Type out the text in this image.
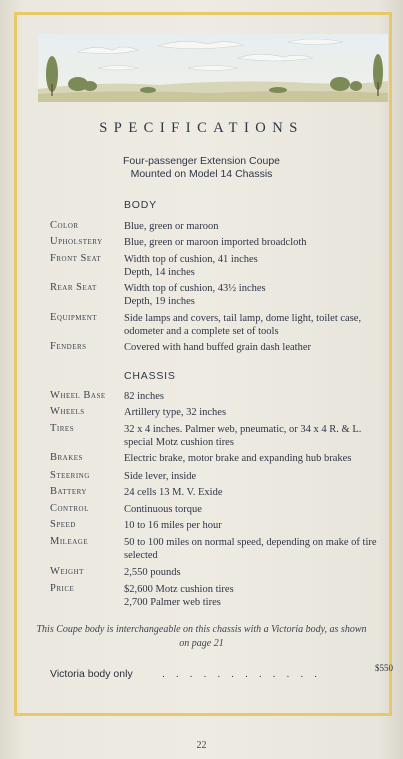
SPECIFICATIONS
Four-passenger Extension Coupe
Mounted on Model 14 Chassis
BODY
Color	Blue, green or maroon
Upholstery Blue, green or maroon imported broadcloth
Front Seat Width top of cushion, 41 inches
Depth, 14 inches
Rear Seat	Width top of cushion, 43½ inches
Depth, 19 inches
Equipment	Side lamps and covers, tail lamp, dome light, toilet case, odometer and a complete set of tools
Fenders	Covered with hand buffed grain dash leather
CHASSIS
Wheel Base 82 inches
Wheels	Artillery type, 32 inches
Tires	32 x 4 inches. Palmer web, pneumatic, or 34 x 4 R. & L. special Motz cushion tires
Brakes	Electric brake, motor brake and expanding hub brakes
Steering	Side lever, inside
Battery	24 cells 13 M. V. Exide
Control	Continuous torque
Speed	10 to 16 miles per hour
Mileage	50 to 100 miles on normal speed, depending on make of tire selected
Weight	2,550 pounds
Price	$2,600 Motz cushion tires
2,700 Palmer web tires
This Coupe body is interchangeable on this chassis with a Victoria body, as shown on page 21
Victoria body only	. . . . . . . . . . . .	$550
22
